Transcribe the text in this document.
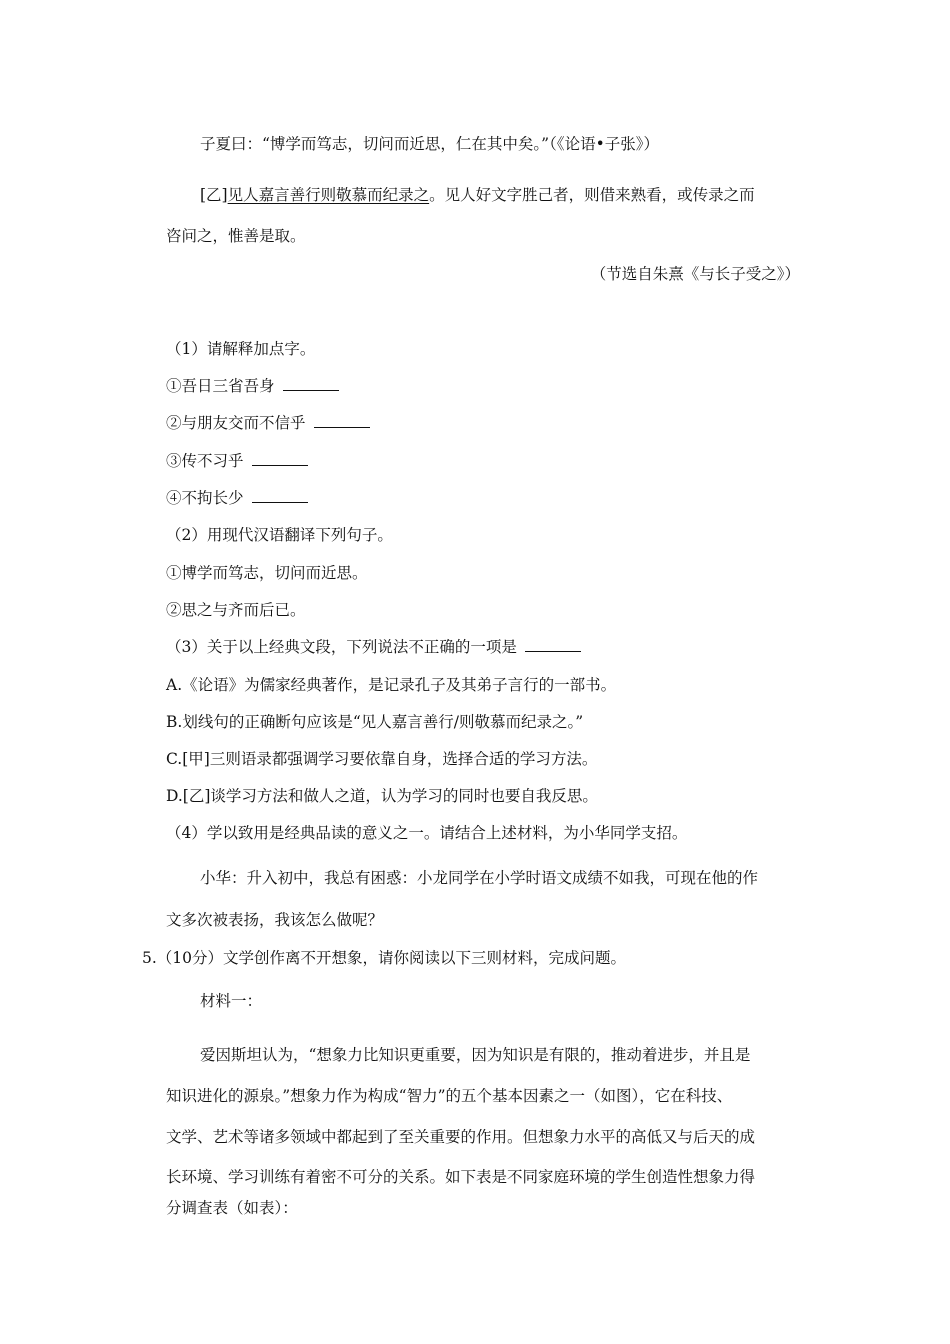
子夏曰：“博学而笃志，切问而近思，仁在其中矣。”（《论语•子张》）
[乙]见人嘉言善行则敬慕而纪录之。见人好文字胜己者，则借来熟看，或传录之而
咨问之，惟善是取。
（节选自朱熹《与长子受之》）
（1）请解释加点字。
①吾日三省吾身
②与朋友交而不信乎
③传不习乎
④不拘长少
（2）用现代汉语翻译下列句子。
①博学而笃志，切问而近思。
②思之与齐而后已。
（3）关于以上经典文段，下列说法不正确的一项是
A.《论语》为儒家经典著作，是记录孔子及其弟子言行的一部书。
B.划线句的正确断句应该是“见人嘉言善行/则敬慕而纪录之。”
C.[甲]三则语录都强调学习要依靠自身，选择合适的学习方法。
D.[乙]谈学习方法和做人之道，认为学习的同时也要自我反思。
（4）学以致用是经典品读的意义之一。请结合上述材料，为小华同学支招。
小华：升入初中，我总有困惑：小龙同学在小学时语文成绩不如我，可现在他的作
文多次被表扬，我该怎么做呢？
5.（10分）文学创作离不开想象，请你阅读以下三则材料，完成问题。
材料一：
爱因斯坦认为，“想象力比知识更重要，因为知识是有限的，推动着进步，并且是
知识进化的源泉。”想象力作为构成“智力”的五个基本因素之一（如图），它在科技、
文学、艺术等诸多领域中都起到了至关重要的作用。但想象力水平的高低又与后天的成
长环境、学习训练有着密不可分的关系。如下表是不同家庭环境的学生创造性想象力得
分调查表（如表）：
